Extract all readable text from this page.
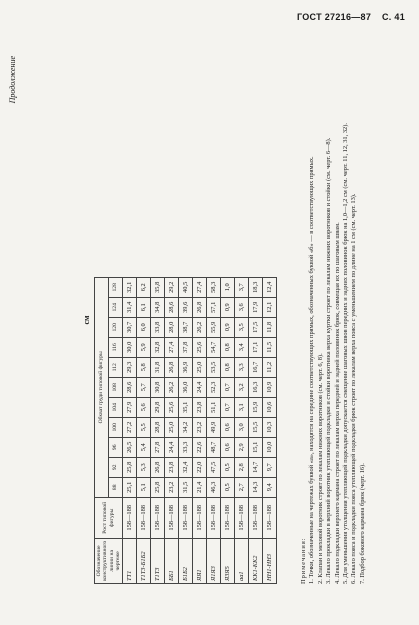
ГОСТ 27216—87 С. 41
Продолжение
см
Обозначение конструктивного линии на чертеже	Рост типовой фигуры	Обхват груди типовой фигуры										
		88	92	96	100	104	108	112	116	120	124	128
ТТ1	158—188	25,1	25,8	26,5	27,2	27,9	28,6	29,3	30,0	30,7	31,4	32,1
Т1Т3-Б1Б2	158—188	5,1	5,3	5,4	5,5	5,6	5,7	5,8	5,9	6,0	6,1	6,2
Т1Т3	158—188	25,8	26,8	27,8	28,8	29,8	30,8	31,8	32,8	33,8	34,8	35,8
ББ1	158—188	23,2	23,8	24,4	25,0	25,6	26,2	26,8	27,4	28,0	28,6	29,2
Б1Б2	158—188	31,5	32,4	33,3	34,2	35,1	36,0	36,9	37,8	38,7	39,6	40,5
ЯЯ1	158—188	21,4	22,0	22,6	23,2	23,8	24,4	25,0	25,6	26,2	26,8	27,4
Я1Я3	158—188	46,3	47,5	48,7	49,9	51,1	52,3	53,5	54,7	55,9	57,1	58,3
Я3Я5	158—188	0,5	0,5	0,6	0,6	0,7	0,7	0,8	0,8	0,9	0,9	1,0
аа1	158—188	2,7	2,8	2,9	3,0	3,1	3,2	3,3	3,4	3,5	3,6	3,7
КК1-КК2	158—188	14,3	14,7	15,1	15,5	15,9	16,3	16,7	17,1	17,5	17,9	18,3
НН1-НН3	158—188	9,4	9,7	10,0	10,3	10,6	10,9	11,2	11,5	11,8	12,1	12,4

Примечания: 1. Точки, обозначенные на чертежах буквой «а», находятся на середине соответствующих прямых, обозначенных буквой «б» — в соответствующих прямых. 2. Клапан и меховой воротник строят по лекалам нижних воротников (см. черт. 6, 8). 3. Лекало прокладки в верхний воротник утепляющей подкладки и стойки воротника верха куртки строят по лекалам нижних воротников и стойки (см. черт. 6—8). 4. Лекало подкладки верхнего кармана строят по лекалам верха передней и задней половинок брюк, совмещая их по шаговым швам. 5. Для уменьшения утолщения утепляющей подкладки допускается смещение шаговых швов передних и задних половинок брюк на 1,0—1,2 см (см. черт. 11, 12, 31, 32). 6. Лекало пояса и подкладки пояса утепляющей подкладки брюк строят по лекалам верха пояса с уменьшением по длине на 1 см (см. черт. 13). 7. Подбор бокового кармана брюк (черт. 16).
